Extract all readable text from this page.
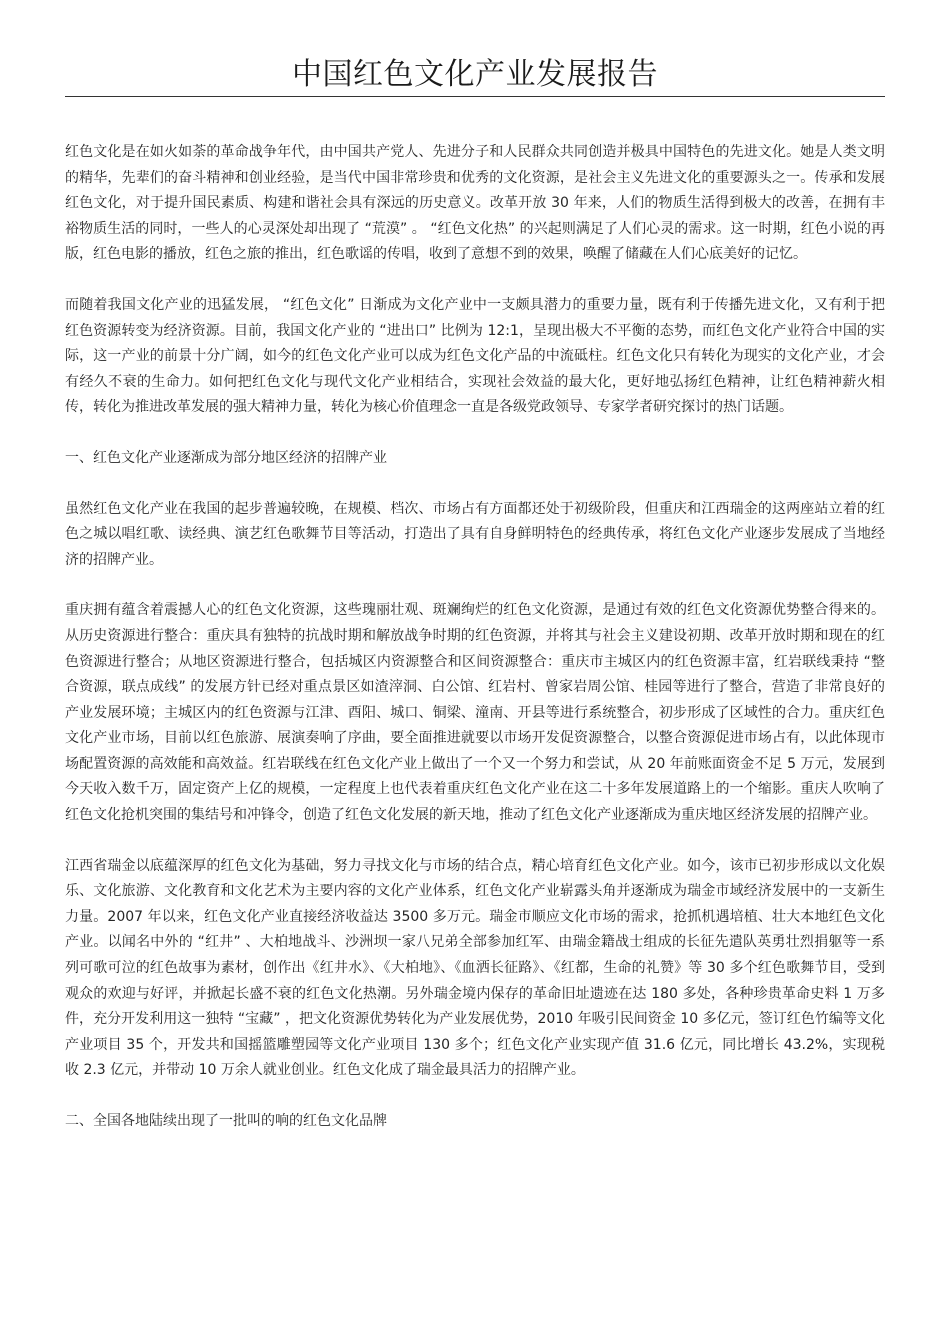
中国红色文化产业发展报告

红色文化是在如火如荼的革命战争年代，由中国共产党人、先进分子和人民群众共同创造并极具中国特色的先进文化。她是人类文明的精华，先辈们的奋斗精神和创业经验，是当代中国非常珍贵和优秀的文化资源，是社会主义先进文化的重要源头之一。传承和发展红色文化，对于提升国民素质、构建和谐社会具有深远的历史意义。改革开放 30 年来，人们的物质生活得到极大的改善，在拥有丰裕物质生活的同时，一些人的心灵深处却出现了 “荒漠” 。 “红色文化热” 的兴起则满足了人们心灵的需求。这一时期，红色小说的再版，红色电影的播放，红色之旅的推出，红色歌谣的传唱，收到了意想不到的效果，唤醒了储藏在人们心底美好的记忆。

而随着我国文化产业的迅猛发展， “红色文化” 日渐成为文化产业中一支颇具潜力的重要力量，既有利于传播先进文化，又有利于把红色资源转变为经济资源。目前，我国文化产业的 “进出口” 比例为 12:1，呈现出极大不平衡的态势，而红色文化产业符合中国的实际，这一产业的前景十分广阔，如今的红色文化产业可以成为红色文化产品的中流砥柱。红色文化只有转化为现实的文化产业，才会有经久不衰的生命力。如何把红色文化与现代文化产业相结合，实现社会效益的最大化，更好地弘扬红色精神，让红色精神薪火相传，转化为推进改革发展的强大精神力量，转化为核心价值理念一直是各级党政领导、专家学者研究探讨的热门话题。

一、红色文化产业逐渐成为部分地区经济的招牌产业

虽然红色文化产业在我国的起步普遍较晚，在规模、档次、市场占有方面都还处于初级阶段，但重庆和江西瑞金的这两座站立着的红色之城以唱红歌、读经典、演艺红色歌舞节目等活动，打造出了具有自身鲜明特色的经典传承，将红色文化产业逐步发展成了当地经济的招牌产业。

重庆拥有蕴含着震撼人心的红色文化资源，这些瑰丽壮观、斑斓绚烂的红色文化资源，是通过有效的红色文化资源优势整合得来的。从历史资源进行整合：重庆具有独特的抗战时期和解放战争时期的红色资源，并将其与社会主义建设初期、改革开放时期和现在的红色资源进行整合；从地区资源进行整合，包括城区内资源整合和区间资源整合：重庆市主城区内的红色资源丰富，红岩联线秉持 “整合资源，联点成线” 的发展方针已经对重点景区如渣滓洞、白公馆、红岩村、曾家岩周公馆、桂园等进行了整合，营造了非常良好的产业发展环境；主城区内的红色资源与江津、酉阳、城口、铜梁、潼南、开县等进行系统整合，初步形成了区域性的合力。重庆红色文化产业市场，目前以红色旅游、展演奏响了序曲，要全面推进就要以市场开发促资源整合，以整合资源促进市场占有，以此体现市场配置资源的高效能和高效益。红岩联线在红色文化产业上做出了一个又一个努力和尝试，从 20 年前账面资金不足 5 万元，发展到今天收入数千万，固定资产上亿的规模，一定程度上也代表着重庆红色文化产业在这二十多年发展道路上的一个缩影。重庆人吹响了红色文化抢机突围的集结号和冲锋令，创造了红色文化发展的新天地，推动了红色文化产业逐渐成为重庆地区经济发展的招牌产业。

江西省瑞金以底蕴深厚的红色文化为基础，努力寻找文化与市场的结合点，精心培育红色文化产业。如今，该市已初步形成以文化娱乐、文化旅游、文化教育和文化艺术为主要内容的文化产业体系，红色文化产业崭露头角并逐渐成为瑞金市域经济发展中的一支新生力量。2007 年以来，红色文化产业直接经济收益达 3500 多万元。瑞金市顺应文化市场的需求，抢抓机遇培植、壮大本地红色文化产业。以闻名中外的 “红井” 、大柏地战斗、沙洲坝一家八兄弟全部参加红军、由瑞金籍战士组成的长征先遣队英勇壮烈捐躯等一系列可歌可泣的红色故事为素材，创作出《红井水》、《大柏地》、《血洒长征路》、《红都，生命的礼赞》等 30 多个红色歌舞节目，受到观众的欢迎与好评，并掀起长盛不衰的红色文化热潮。另外瑞金境内保存的革命旧址遗迹在达 180 多处，各种珍贵革命史料 1 万多件，充分开发利用这一独特 “宝藏” ，把文化资源优势转化为产业发展优势，2010 年吸引民间资金 10 多亿元，签订红色竹编等文化产业项目 35 个，开发共和国摇篮雕塑园等文化产业项目 130 多个；红色文化产业实现产值 31.6 亿元，同比增长 43.2%，实现税收 2.3 亿元，并带动 10 万余人就业创业。红色文化成了瑞金最具活力的招牌产业。

二、全国各地陆续出现了一批叫的响的红色文化品牌
